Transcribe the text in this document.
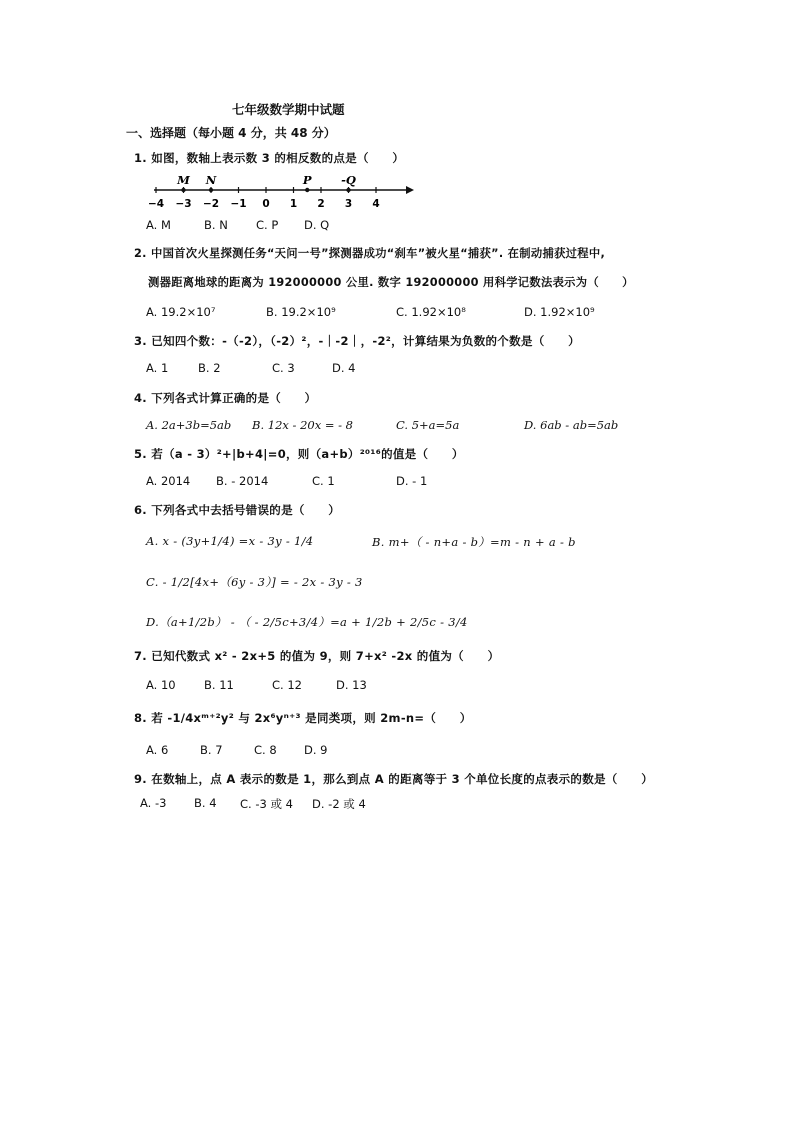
七年级数学期中试题
一、选择题（每小题 4 分，共 48 分）
1. 如图，数轴上表示数 3 的相反数的点是（　　）
−4 −3 −2 −1 0 1 2 3 4
M N	P	-Q
A. M	B. N C. P D. Q
2. 中国首次火星探测任务“天问一号”探测器成功“刹车”被火星“捕获”. 在制动捕获过程中,
测器距离地球的距离为 192000000 公里. 数字 192000000 用科学记数法表示为（　　）
A. 19.2×10⁷	B. 19.2×10⁹	C. 1.92×10⁸	D. 1.92×10⁹
3. 已知四个数：-（-2），（-2）²，-｜-2｜，-2²，计算结果为负数的个数是（　　）
A. 1	B. 2	C. 3	D. 4
4. 下列各式计算正确的是（　　）
A. 2a+3b=5ab B. 12x - 20x = - 8	C. 5+a=5a	D. 6ab - ab=5ab
5. 若（a - 3）²+|b+4|=0，则（a+b）²⁰¹⁶的值是（　　）
A. 2014 B. - 2014	C. 1	D. - 1
6. 下列各式中去括号错误的是（　　）
A. x - (3y+1/4) =x - 3y - 1/4	B. m+（ - n+a - b）=m - n + a - b
C. - 1/2[4x+（6y - 3）] = - 2x - 3y - 3
D.（a+1/2b） - （ - 2/5c+3/4）=a + 1/2b + 2/5c - 3/4
7. 已知代数式 x² - 2x+5 的值为 9，则 7+x² -2x 的值为（　　）
A. 10 B. 11	C. 12	D. 13
8. 若 -1/4xᵐ⁺²y² 与 2x⁶yⁿ⁺³ 是同类项，则 2m-n=（　　）
A. 6	B. 7	C. 8 D. 9
9. 在数轴上，点 A 表示的数是 1，那么到点 A 的距离等于 3 个单位长度的点表示的数是（　　）
A. -3 B. 4 C. -3 或 4 D. -2 或 4
